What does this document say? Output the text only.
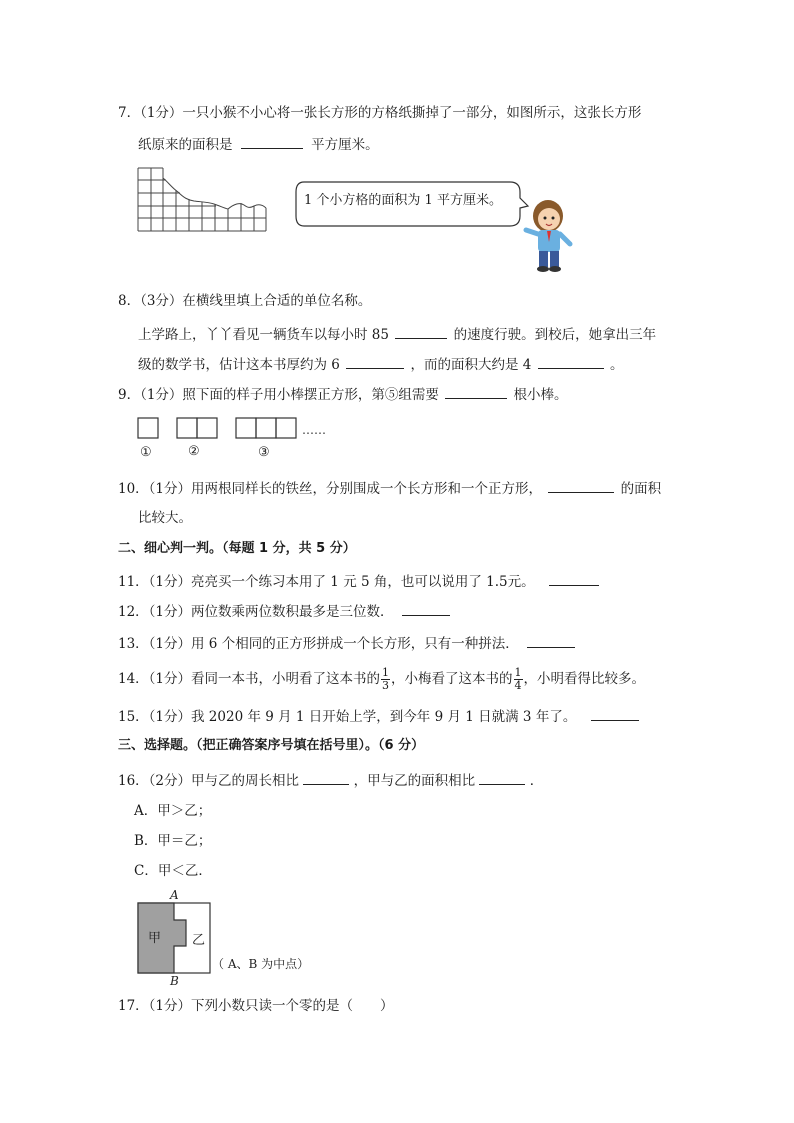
7．（1分）一只小猴不小心将一张长方形的方格纸撕掉了一部分，如图所示，这张长方形
纸原来的面积是	平方厘米。
1 个小方格的面积为 1 平方厘米。
8．（3分）在横线里填上合适的单位名称。
上学路上，丫丫看见一辆货车以每小时 85	的速度行驶。到校后，她拿出三年
级的数学书，估计这本书厚约为 6	，而的面积大约是 4	。
9．（1分）照下面的样子用小棒摆正方形，第⑤组需要	根小棒。
……
①	②	③
10．（1分）用两根同样长的铁丝，分别围成一个长方形和一个正方形，	的面积
比较大。
二、细心判一判。（每题 1 分，共 5 分）
11．（1分）亮亮买一个练习本用了 1 元 5 角，也可以说用了 1.5元。
12．（1分）两位数乘两位数积最多是三位数．
13．（1分）用 6 个相同的正方形拼成一个长方形，只有一种拼法．
14．（1分）看同一本书，小明看了这本书的 $\frac{1}{3}$ ，小梅看了这本书的 $\frac{1}{4}$ ，小明看得比较多。
15．（1分）我 2020 年 9 月 1 日开始上学，到今年 9 月 1 日就满 3 年了。
三、选择题。（把正确答案序号填在括号里）。（6 分）
16．（2分）甲与乙的周长相比	，甲与乙的面积相比	．
A．甲＞乙；
B．甲＝乙；
C．甲＜乙．
A
B
甲 乙
（ A、B 为中点）
17．（1分）下列小数只读一个零的是（　　）
